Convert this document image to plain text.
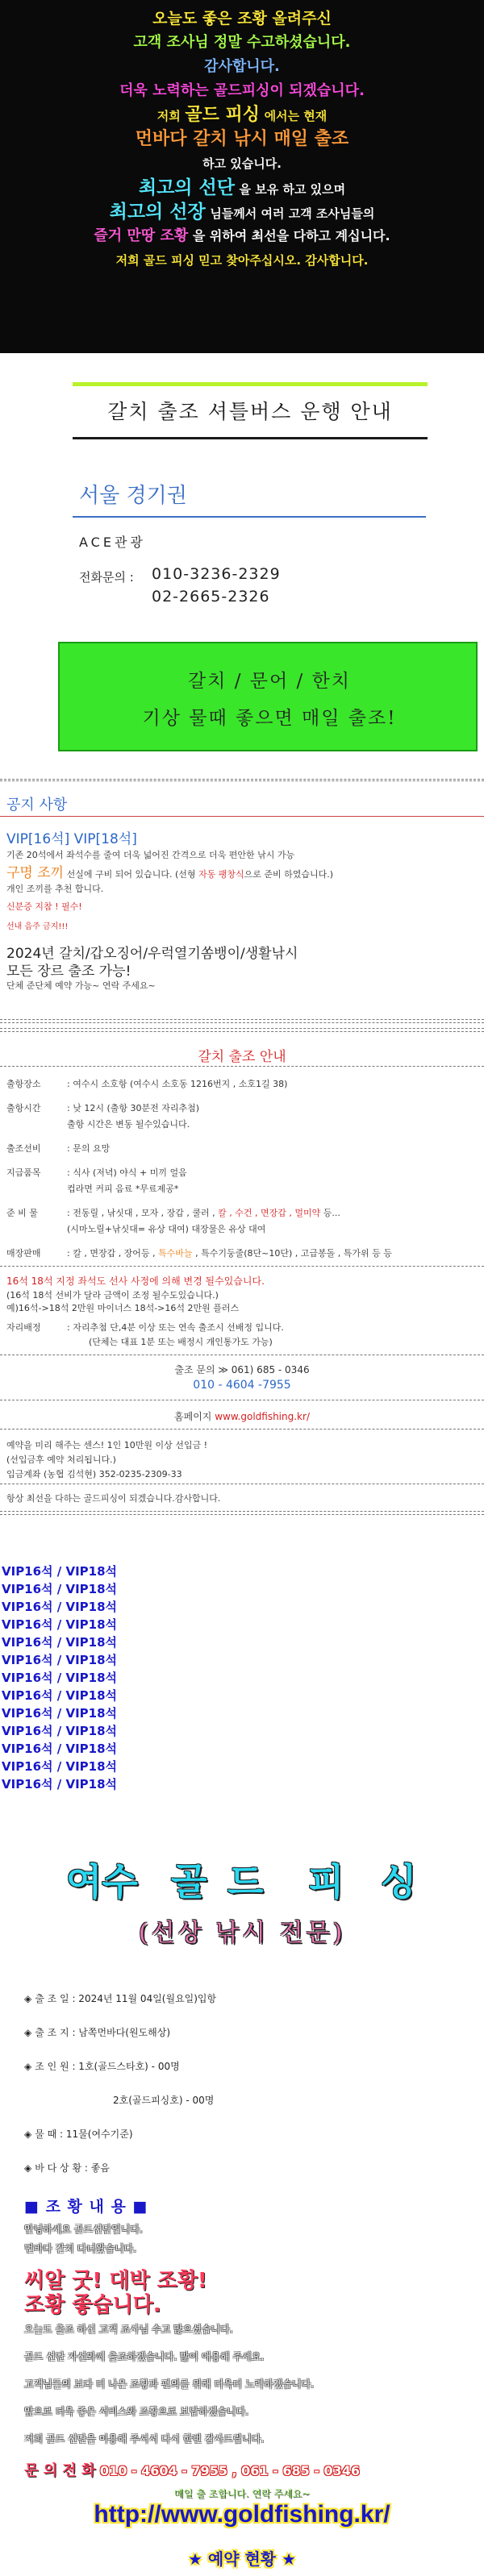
오늘도 좋은 조황 올려주신
고객 조사님 정말 수고하셨습니다.
감사합니다.
더욱 노력하는 골드피싱이 되겠습니다.
저희 골드 피싱 에서는 현재
먼바다 갈치 낚시 매일 출조
하고 있습니다.
최고의 선단 을 보유 하고 있으며
최고의 선장 님들께서 여러 고객 조사님들의
즐거 만땅 조황 을 위하여 최선을 다하고 계십니다.
저희 골드 피싱 믿고 찾아주십시오. 감사합니다.
갈치 출조 셔틀버스 운행 안내
서울 경기권
ACE관광
전화문의 : 010-3236-2329
02-2665-2326
갈치 / 문어 / 한치
기상 물때 좋으면 매일 출조!
공지 사항
VIP[16석] VIP[18석]
기존 20석에서 좌석수를 줄여 더욱 넓어진 간격으로 더욱 편안한 낚시 가능
구명 조끼 선실에 구비 되어 있습니다. (선형 자동 팽창식으로 준비 하였습니다.)
개인 조끼를 추천 합니다.
신분증 지참 ! 필수!
선내 음주 금지!!!
2024년 갈치/갑오징어/우럭열기쏨뱅이/생활낚시
모든 장르 출조 가능!
단체 준단체 예약 가능~ 연락 주세요~
갈치 출조 안내
출항장소	: 여수시 소호항 (여수시 소호동 1216번지 , 소호1길 38)
출항시간	: 낮 12시 (출항 30분전 자리추첨)
출항 시간은 변동 될수있습니다.
출조선비	: 문의 요망
지급품목	: 식사 (저녁) 야식 + 미끼 얼음
컵라면 커피 음료 *무료제공*
준 비 물	: 전동릴 , 낚싯대 , 모자 , 장갑 , 쿨러 , 칼 , 수건 , 면장갑 , 멀미약 등...
(시마노릴+낚싯대= 유상 대여) 대장물은 유상 대여
매장판매	: 칼 , 면장갑 , 장어등 , 특수바늘 , 특수기둥줄(8단~10단) , 고급봉돌 , 특가위 등 등
16석 18석 지정 좌석도 선사 사정에 의해 변경 될수있습니다.
(16석 18석 선비가 달라 금액이 조정 될수도있습니다.)
예)16석->18석 2만원 마이너스 18석->16석 2만원 플러스
자리배정	: 자리추첨 단,4분 이상 또는 연속 출조시 선배정 입니다.
(단체는 대표 1분 또는 배정시 개인통가도 가능)
출조 문의 ≫ 061) 685 - 0346
010 - 4604 -7955
홈페이지 www.goldfishing.kr/
예약을 미리 해주는 센스! 1인 10만원 이상 선입금 !
(선입금후 예약 처리됩니다.)
입금계좌 (농협 김석현) 352-0235-2309-33
항상 최선을 다하는 골드피싱이 되겠습니다.감사합니다.
VIP16석 / VIP18석
VIP16석 / VIP18석
VIP16석 / VIP18석
VIP16석 / VIP18석
VIP16석 / VIP18석
VIP16석 / VIP18석
VIP16석 / VIP18석
VIP16석 / VIP18석
VIP16석 / VIP18석
VIP16석 / VIP18석
VIP16석 / VIP18석
VIP16석 / VIP18석
VIP16석 / VIP18석
여수 골 드 피 싱
(선상 낚시 전문)
◈ 출 조 일 : 2024년 11월 04일(월요일)입항
◈ 출 조 지 : 남쪽먼바다(원도해상)
◈ 조 인 원 : 1호(골드스타호) - 00명
2호(골드피싱호) - 00명
◈ 물 때 : 11물(여수기준)
◈ 바 다 상 황 : 좋음
■ 조 황 내 용 ■
안녕하세요 골드선단입니다.
먼바다 갈치 다녀왔습니다.
씨알 굿! 대박 조황!
조황 좋습니다.
오늘도 출조 하신 고객 조사님 수고 많으셨습니다.
골드 선단 자선와께 출조하겠습니다. 많이 애용해 주세요.
고객님들의 보다 더 나은 조황과 편의를 위해 더욱더 노력하겠습니다.
앞으로 더욱 좋은 서비스와 조황으로 보답하겠습니다.
저희 골드 선단을 이용해 주셔서 다시 한번 감사드립니다.
문 의 전 화 010 - 4604 - 7955 , 061 - 685 - 0346
매일 출 조합니다. 연락 주세요~
http://www.goldfishing.kr/
★ 예약 현황 ★
